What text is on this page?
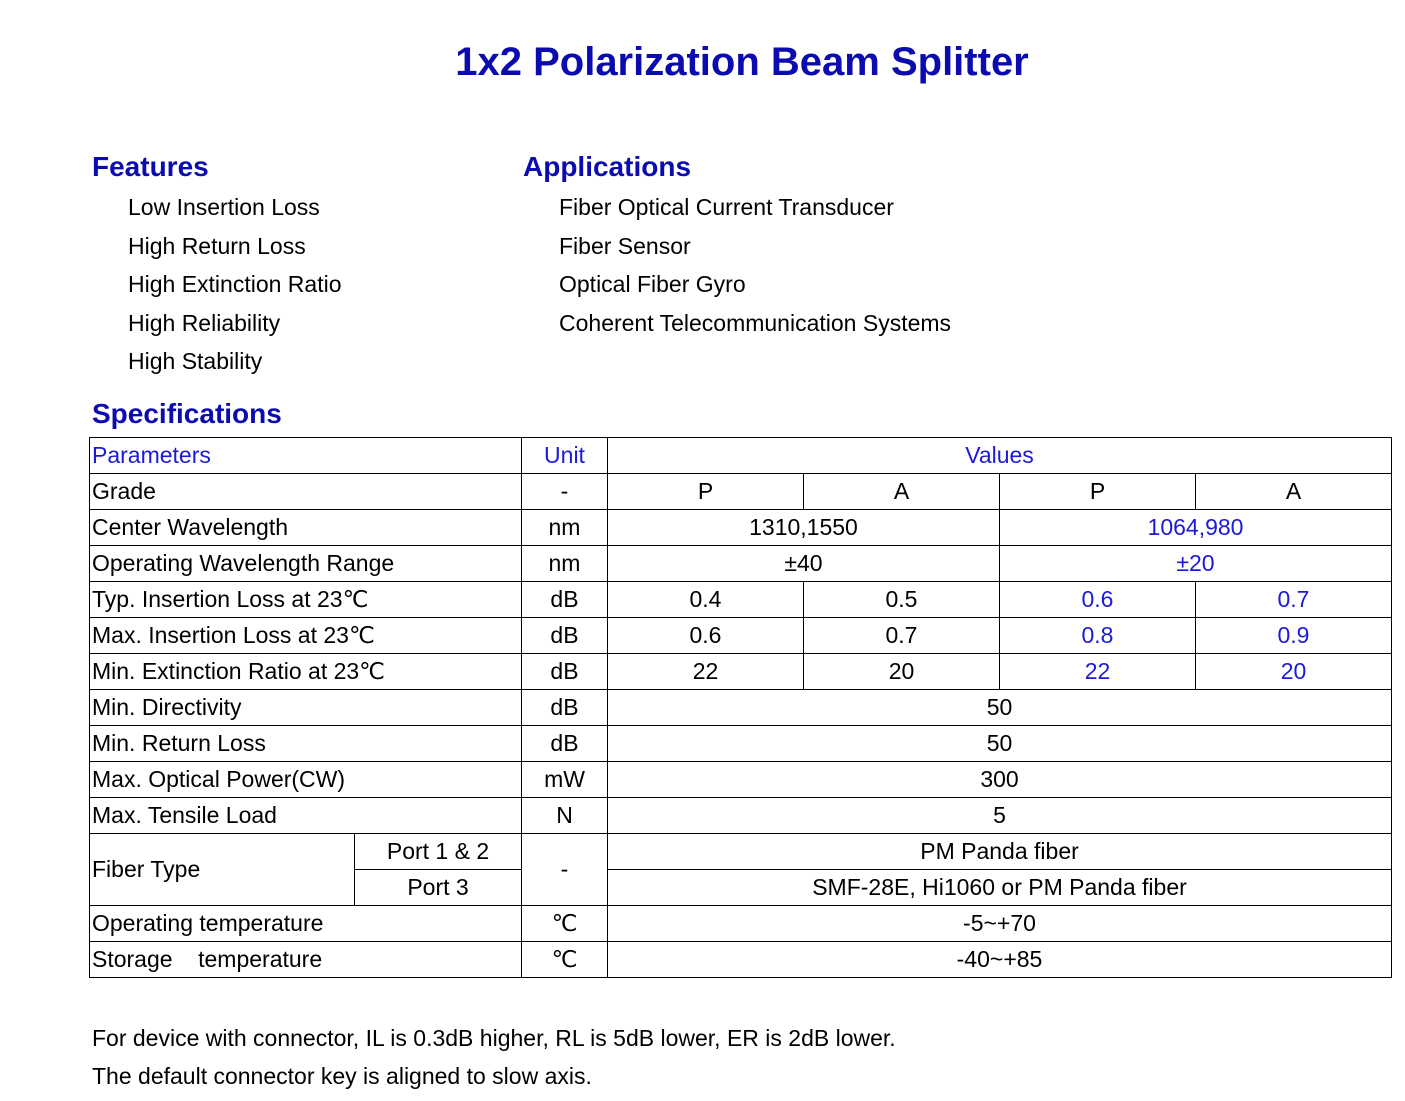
1x2 Polarization Beam Splitter
Features
Low Insertion Loss
High Return Loss
High Extinction Ratio
High Reliability
High Stability
Applications
Fiber Optical Current Transducer
Fiber Sensor
Optical Fiber Gyro
Coherent Telecommunication Systems
Specifications
Parameters		Unit	Values			
Grade		-	P	A	P	A
Center Wavelength		nm	1310,1550		1064,980	
Operating Wavelength Range		nm	±40		±20	
Typ. Insertion Loss at 23℃		dB	0.4	0.5	0.6	0.7
Max. Insertion Loss at 23℃		dB	0.6	0.7	0.8	0.9
Min. Extinction Ratio at 23℃		dB	22	20	22	20
Min. Directivity		dB	50			
Min. Return Loss		dB	50			
Max. Optical Power(CW)		mW	300			
Max. Tensile Load		N	5			
Fiber Type	Port 1 & 2	-	PM Panda fiber			
	Port 3		SMF-28E, Hi1060 or PM Panda fiber			
Operating temperature		℃	-5~+70			
Storage    temperature		℃	-40~+85			
For device with connector, IL is 0.3dB higher, RL is 5dB lower, ER is 2dB lower.
The default connector key is aligned to slow axis.
